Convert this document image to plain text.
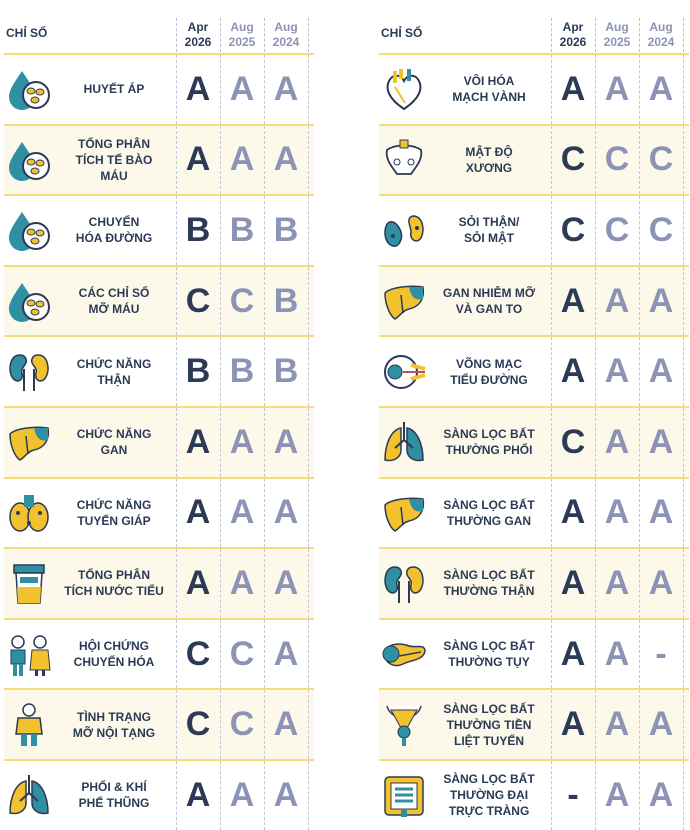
CHỈ SỐ	Apr
2026
Aug
2025
Aug
2024
HUYẾT ÁP	A A A
TỔNG PHÂN
TÍCH TẾ BÀO
MÁU	A A A
CHUYỂN
HÓA ĐƯỜNG B B B
CÁC CHỈ SỐ
MỠ MÁU	C C B
CHỨC NĂNG
THẬN	B B B
CHỨC NĂNG
GAN	A A A
CHỨC NĂNG
TUYẾN GIÁP	A A A
TỔNG PHÂN
TÍCH NƯỚC TIỂU A A A
HỘI CHỨNG
CHUYỂN HÓA C C A
TÌNH TRẠNG
MỠ NỘI TẠNG C C A
PHỔI & KHÍ
PHẾ THŨNG	A A A
CHỈ SỐ	Apr
2026
Aug
2025
Aug
2024
VÔI HÓA
MẠCH VÀNH	A A A
MẬT ĐỘ
XƯƠNG	C C C
SỎI THẬN/
SỎI MẬT	C C C
GAN NHIỄM MỠ
VÀ GAN TO	A A A
VÕNG MẠC
TIỂU ĐƯỜNG A A A
SÀNG LỌC BẤT
THƯỜNG PHỔI C A A
SÀNG LỌC BẤT
THƯỜNG GAN A A A
SÀNG LỌC BẤT
THƯỜNG THẬN A A A
SÀNG LỌC BẤT
THƯỜNG TỤY A A -
SÀNG LỌC BẤT
THƯỜNG TIỀN
LIỆT TUYẾN	A A A
SÀNG LỌC BẤT
THƯỜNG ĐẠI
TRỰC TRÀNG	- A A
